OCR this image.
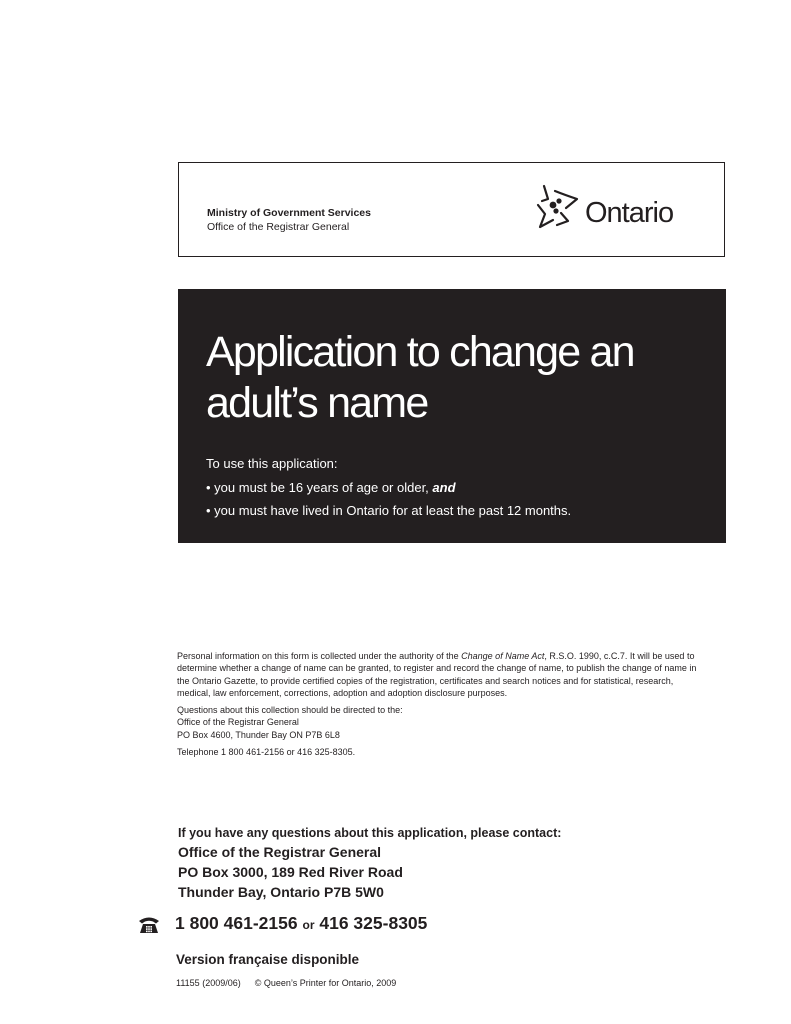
Ministry of Government Services
Office of the Registrar General	Ontario
Application to change an adult’s name
To use this application:
• you must be 16 years of age or older, and
• you must have lived in Ontario for at least the past 12 months.

Personal information on this form is collected under the authority of the Change of Name Act, R.S.O. 1990, c.C.7. It will be used to determine whether a change of name can be granted, to register and record the change of name, to publish the change of name in the Ontario Gazette, to provide certified copies of the registration, certificates and search notices and for statistical, research, medical, law enforcement, corrections, adoption and adoption disclosure purposes.

Questions about this collection should be directed to the:

Office of the Registrar General

PO Box 4600, Thunder Bay ON P7B 6L8

Telephone 1 800 461-2156 or 416 325-8305.

If you have any questions about this application, please contact:
Office of the Registrar General
PO Box 3000, 189 Red River Road
Thunder Bay, Ontario P7B 5W0
1 800 461-2156 or 416 325-8305
Version française disponible
11155 (2009/06) © Queen’s Printer for Ontario, 2009
